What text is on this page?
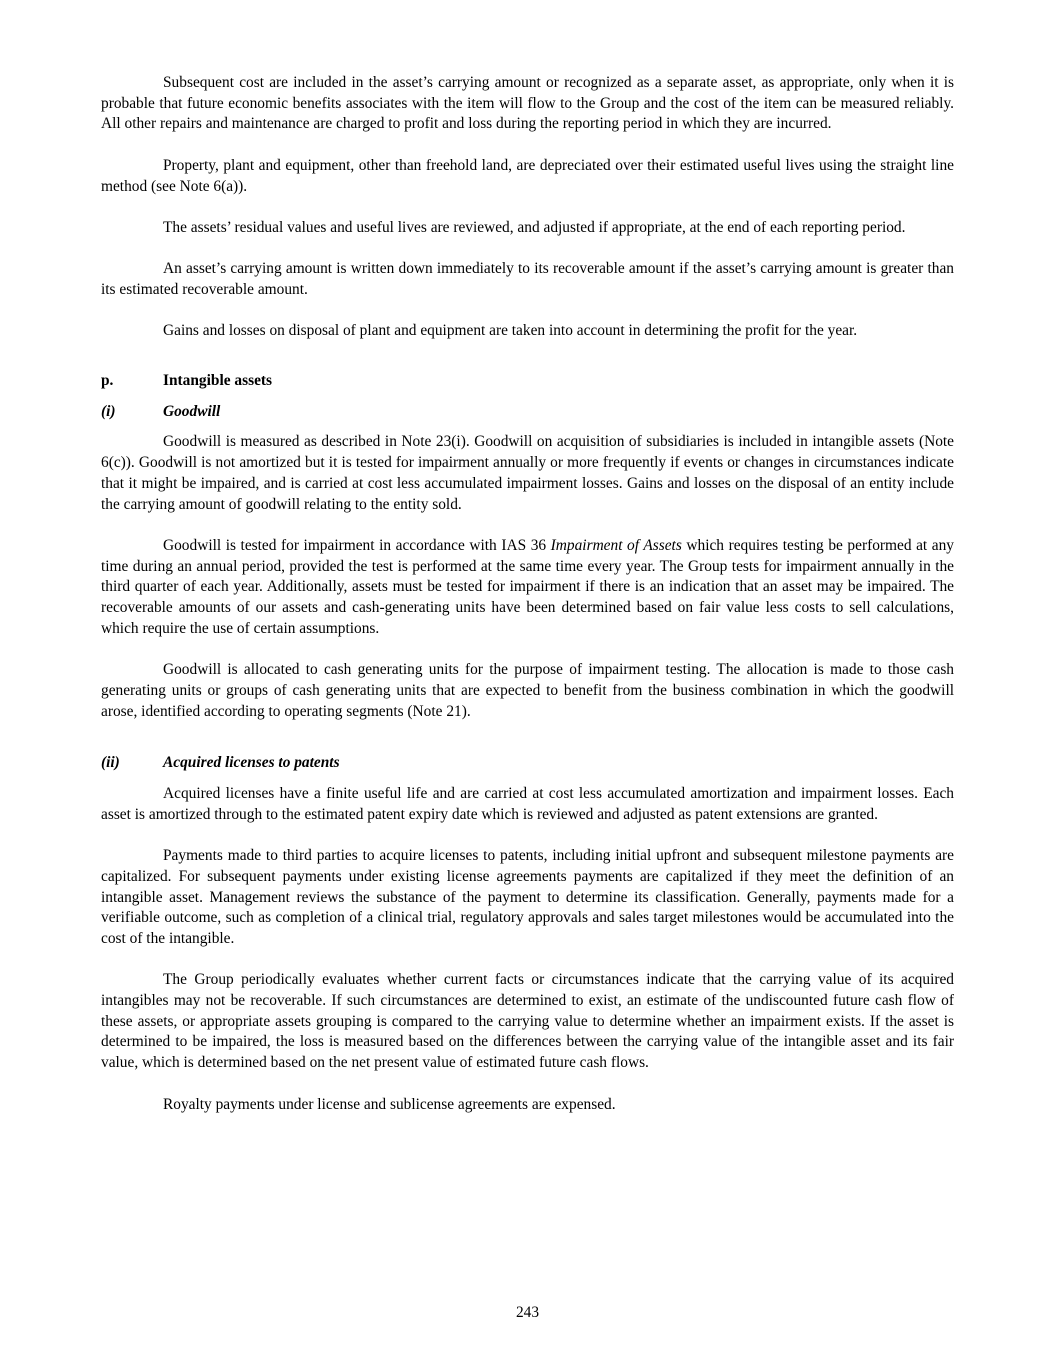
Subsequent cost are included in the asset’s carrying amount or recognized as a separate asset, as appropriate, only when it is probable that future economic benefits associates with the item will flow to the Group and the cost of the item can be measured reliably. All other repairs and maintenance are charged to profit and loss during the reporting period in which they are incurred.

Property, plant and equipment, other than freehold land, are depreciated over their estimated useful lives using the straight line method (see Note 6(a)).

The assets’ residual values and useful lives are reviewed, and adjusted if appropriate, at the end of each reporting period.

An asset’s carrying amount is written down immediately to its recoverable amount if the asset’s carrying amount is greater than its estimated recoverable amount.

Gains and losses on disposal of plant and equipment are taken into account in determining the profit for the year.

p.	Intangible assets
(i)	Goodwill

Goodwill is measured as described in Note 23(i). Goodwill on acquisition of subsidiaries is included in intangible assets (Note 6(c)). Goodwill is not amortized but it is tested for impairment annually or more frequently if events or changes in circumstances indicate that it might be impaired, and is carried at cost less accumulated impairment losses. Gains and losses on the disposal of an entity include the carrying amount of goodwill relating to the entity sold.

Goodwill is tested for impairment in accordance with IAS 36 Impairment of Assets which requires testing be performed at any time during an annual period, provided the test is performed at the same time every year. The Group tests for impairment annually in the third quarter of each year. Additionally, assets must be tested for impairment if there is an indication that an asset may be impaired. The recoverable amounts of our assets and cash-generating units have been determined based on fair value less costs to sell calculations, which require the use of certain assumptions.

Goodwill is allocated to cash generating units for the purpose of impairment testing. The allocation is made to those cash generating units or groups of cash generating units that are expected to benefit from the business combination in which the goodwill arose, identified according to operating segments (Note 21).

(ii)	Acquired licenses to patents

Acquired licenses have a finite useful life and are carried at cost less accumulated amortization and impairment losses. Each asset is amortized through to the estimated patent expiry date which is reviewed and adjusted as patent extensions are granted.

Payments made to third parties to acquire licenses to patents, including initial upfront and subsequent milestone payments are capitalized. For subsequent payments under existing license agreements payments are capitalized if they meet the definition of an intangible asset. Management reviews the substance of the payment to determine its classification. Generally, payments made for a verifiable outcome, such as completion of a clinical trial, regulatory approvals and sales target milestones would be accumulated into the cost of the intangible.

The Group periodically evaluates whether current facts or circumstances indicate that the carrying value of its acquired intangibles may not be recoverable. If such circumstances are determined to exist, an estimate of the undiscounted future cash flow of these assets, or appropriate assets grouping is compared to the carrying value to determine whether an impairment exists. If the asset is determined to be impaired, the loss is measured based on the differences between the carrying value of the intangible asset and its fair value, which is determined based on the net present value of estimated future cash flows.

Royalty payments under license and sublicense agreements are expensed.

243
